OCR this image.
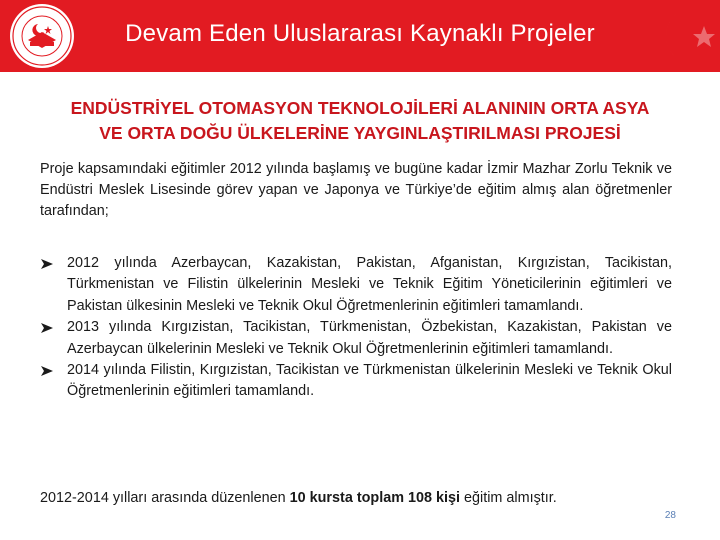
Devam Eden Uluslararası Kaynaklı Projeler
ENDÜSTRİYEL OTOMASYON TEKNOLOJİLERİ ALANININ ORTA ASYA
VE ORTA DOĞU ÜLKELERİNE YAYGINLAŞTIRILMASI PROJESİ

Proje kapsamındaki eğitimler 2012 yılında başlamış ve bugüne kadar İzmir Mazhar Zorlu Teknik ve Endüstri Meslek Lisesinde görev yapan ve Japonya ve Türkiye’de eğitim almış alan öğretmenler tarafından;

2012 yılında Azerbaycan, Kazakistan, Pakistan, Afganistan, Kırgızistan, Tacikistan, Türkmenistan ve Filistin ülkelerinin Mesleki ve Teknik Eğitim Yöneticilerinin eğitimleri ve Pakistan ülkesinin Mesleki ve Teknik Okul Öğretmenlerinin eğitimleri tamamlandı.
2013 yılında Kırgızistan, Tacikistan, Türkmenistan, Özbekistan, Kazakistan, Pakistan ve Azerbaycan ülkelerinin Mesleki ve Teknik Okul Öğretmenlerinin eğitimleri tamamlandı.
2014 yılında Filistin, Kırgızistan, Tacikistan ve Türkmenistan ülkelerinin Mesleki ve Teknik Okul Öğretmenlerinin eğitimleri tamamlandı.

2012-2014 yılları arasında düzenlenen 10 kursta toplam 108 kişi eğitim almıştır.

28
